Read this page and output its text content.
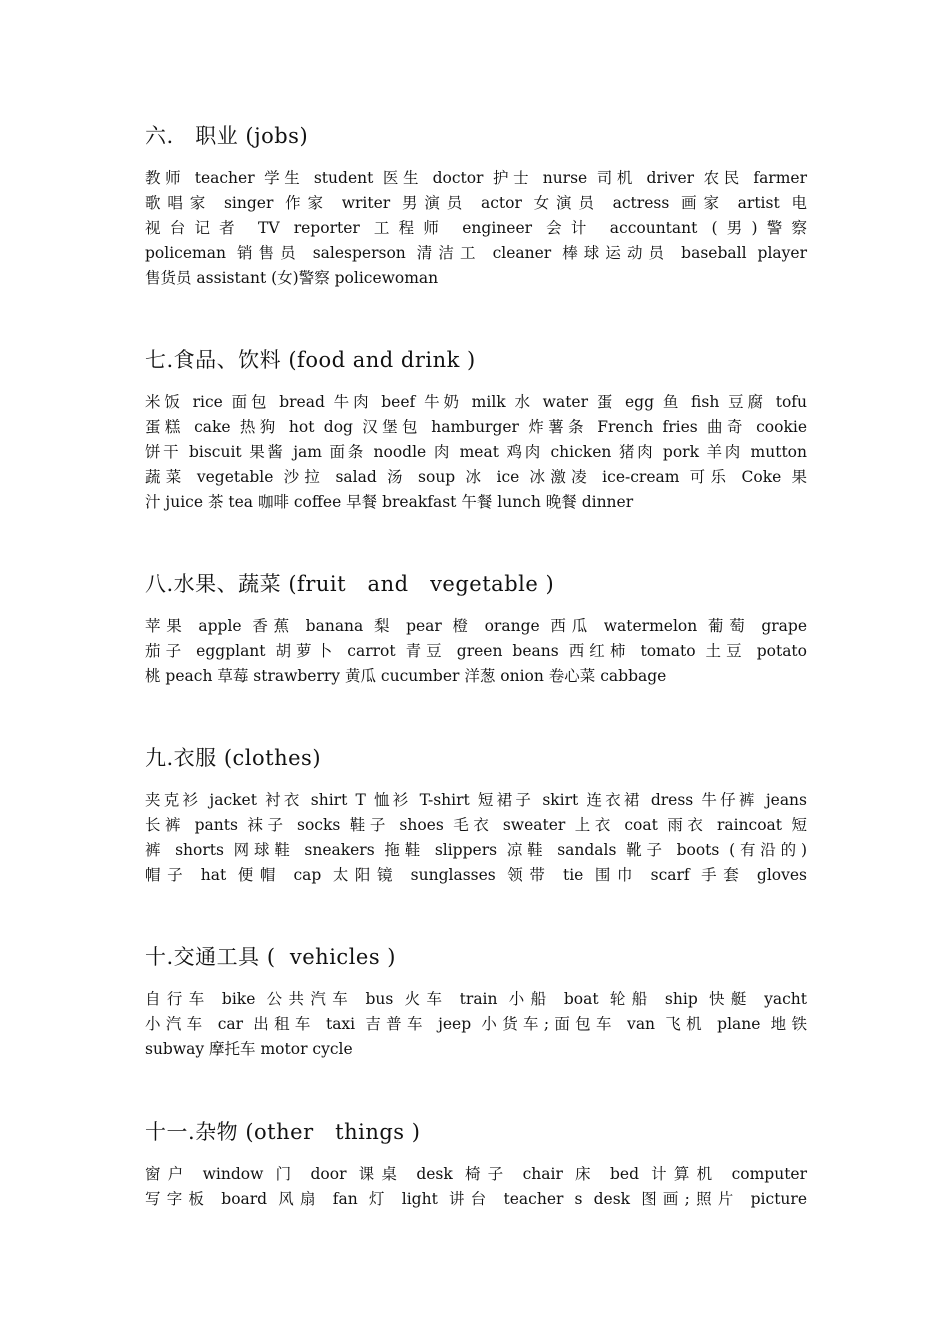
六.   职业 (jobs)
教师 teacher 学生 student 医生 doctor 护士 nurse 司机 driver 农民 farmer
歌唱家 singer 作家 writer 男演员 actor 女演员 actress 画家 artist 电
视台记者 TV reporter 工程师 engineer 会计 accountant (男)警察
policeman 销售员 salesperson 清洁工 cleaner 棒球运动员 baseball player
售货员 assistant (女)警察 policewoman
七.食品、饮料 (food and drink )
米饭 rice 面包 bread 牛肉 beef 牛奶 milk 水 water 蛋 egg 鱼 fish 豆腐 tofu
蛋糕 cake 热狗 hot dog 汉堡包 hamburger 炸薯条 French fries 曲奇 cookie
饼干 biscuit 果酱 jam 面条 noodle 肉 meat 鸡肉 chicken 猪肉 pork 羊肉 mutton
蔬菜 vegetable 沙拉 salad 汤 soup 冰 ice 冰激凌 ice-cream 可乐 Coke 果
汁 juice 茶 tea 咖啡 coffee 早餐 breakfast 午餐 lunch 晚餐 dinner
八.水果、蔬菜 (fruit   and   vegetable )
苹果 apple 香蕉 banana 梨 pear 橙 orange 西瓜 watermelon 葡萄 grape
茄子 eggplant 胡萝卜 carrot 青豆 green beans 西红柿 tomato 土豆 potato
桃 peach 草莓 strawberry 黄瓜 cucumber 洋葱 onion 卷心菜 cabbage
九.衣服 (clothes)
夹克衫 jacket 衬衣 shirt T 恤衫 T-shirt 短裙子 skirt 连衣裙 dress 牛仔裤 jeans
长裤 pants 袜子 socks 鞋子 shoes 毛衣 sweater 上衣 coat 雨衣 raincoat 短
裤 shorts 网球鞋 sneakers 拖鞋 slippers 凉鞋 sandals 靴子 boots (有沿的)
帽子 hat 便帽 cap 太阳镜 sunglasses 领带 tie 围巾 scarf 手套 gloves
十.交通工具 (  vehicles )
自行车 bike 公共汽车 bus 火车 train 小船 boat 轮船 ship 快艇 yacht
小汽车 car 出租车 taxi 吉普车 jeep 小货车;面包车 van 飞机 plane 地铁
subway 摩托车 motor cycle
十一.杂物 (other   things )
窗户 window 门 door 课桌 desk 椅子 chair 床 bed 计算机 computer
写字板 board 风扇 fan 灯 light 讲台 teacher s desk 图画;照片 picture
